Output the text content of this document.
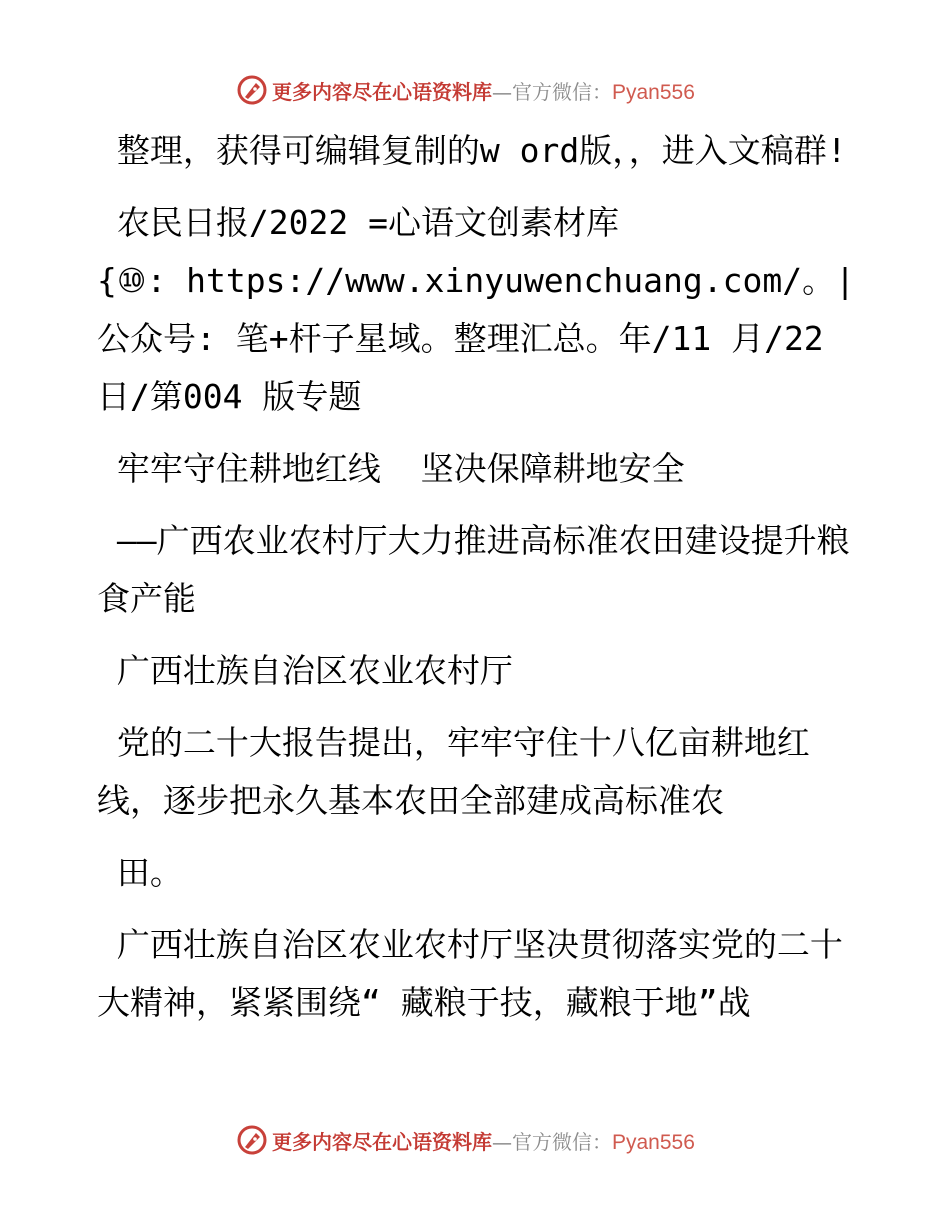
更多内容尽在心语资料库—官方微信：Pyan556

整理，获得可编辑复制的w ord版，，进入文稿群!

农民日报/2022 =心语文创素材库

{⑩: https://www.xinyuwenchuang.com/。|公众号: 笔+杆子星域。整理汇总。年/11 月/22 日/第004 版专题

牢牢守住耕地红线  坚决保障耕地安全

——广西农业农村厅大力推进高标准农田建设提升粮食产能

广西壮族自治区农业农村厅

党的二十大报告提出，牢牢守住十八亿亩耕地红线，逐步把永久基本农田全部建成高标准农

田。

广西壮族自治区农业农村厅坚决贯彻落实党的二十大精神，紧紧围绕“ 藏粮于技，藏粮于地”战

更多内容尽在心语资料库—官方微信：Pyan556
